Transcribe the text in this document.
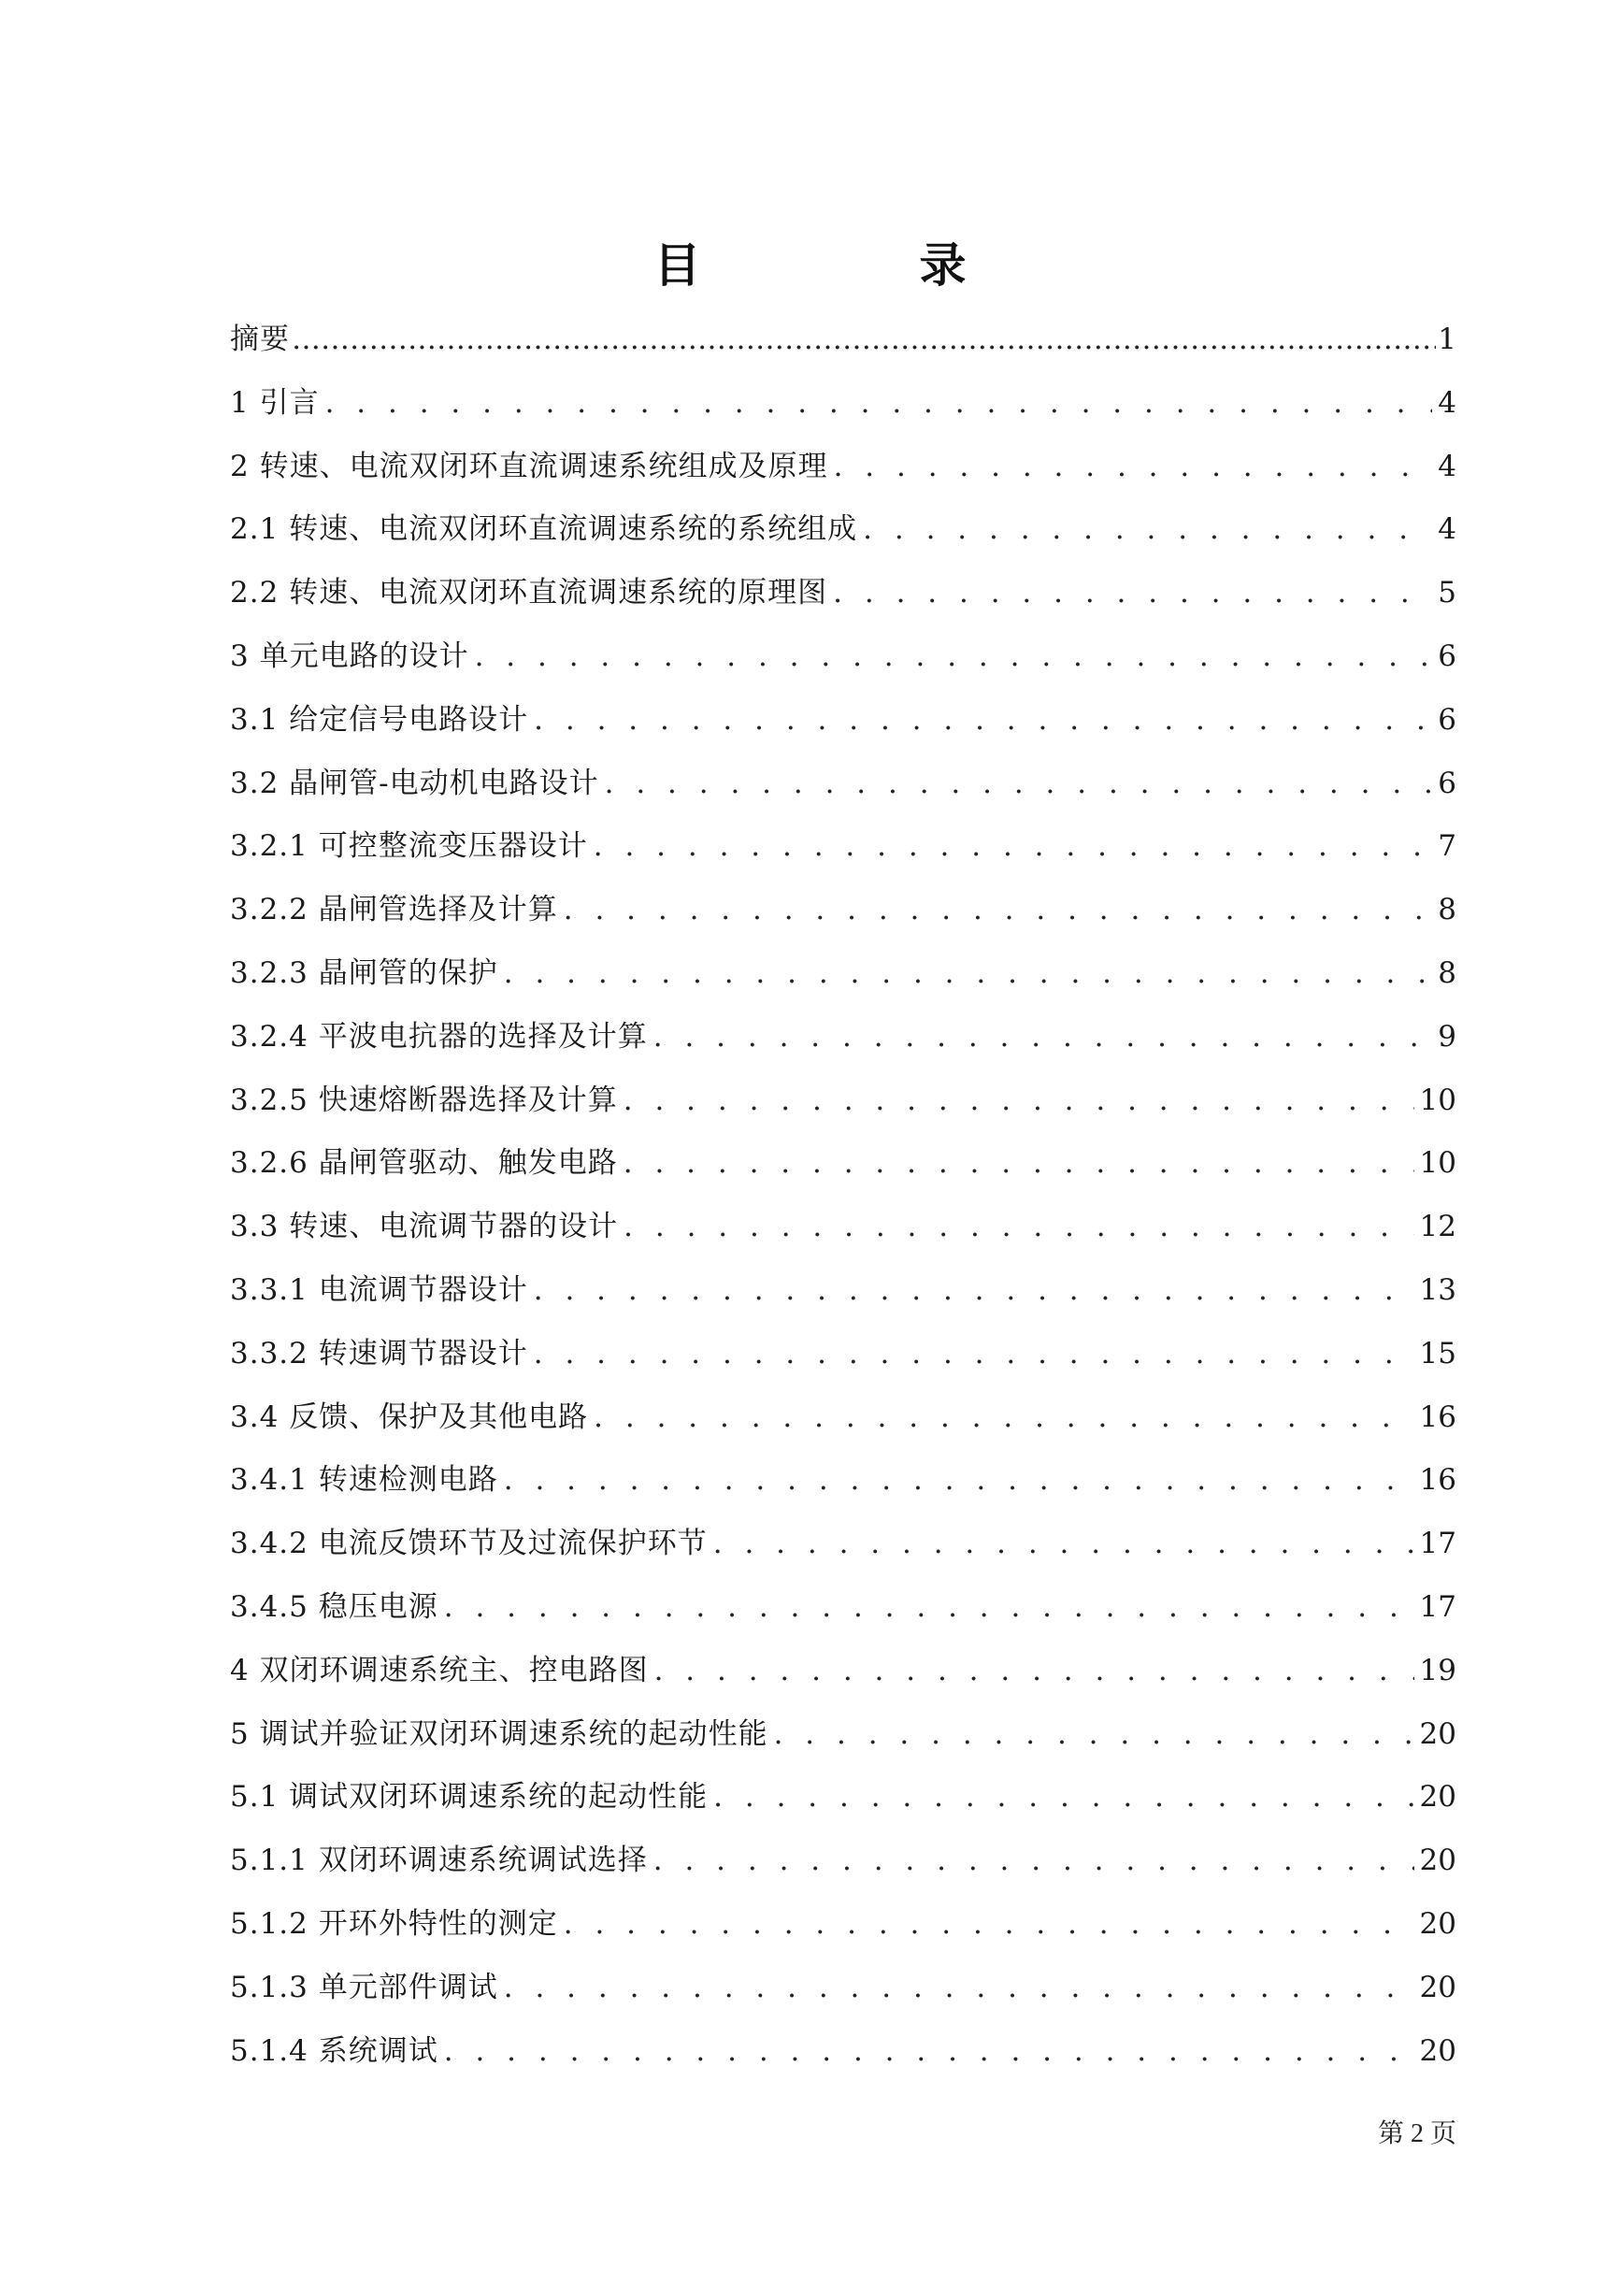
目　录
摘要 ………………………………………………………………………………………………………………………………………………………………………………………………………………………………………………………………………………	1
1 引言 . . .	4
2 转速、电流双闭环直流调速系统组成及原理 . . .	4
2.1 转速、电流双闭环直流调速系统的系统组成 . . .	4
2.2 转速、电流双闭环直流调速系统的原理图 . . .	5
3 单元电路的设计 . . .	6
3.1 给定信号电路设计 . . .	6
3.2 晶闸管-电动机电路设计 . . .	6
3.2.1 可控整流变压器设计 . . .	7
3.2.2 晶闸管选择及计算 . . .	8
3.2.3 晶闸管的保护 . . .	8
3.2.4 平波电抗器的选择及计算 . . .	9
3.2.5 快速熔断器选择及计算 . . .	10
3.2.6 晶闸管驱动、触发电路 . . .	10
3.3 转速、电流调节器的设计 . . .	12
3.3.1 电流调节器设计 . . .	13
3.3.2 转速调节器设计 . . .	15
3.4 反馈、保护及其他电路 . . .	16
3.4.1 转速检测电路 . . .	16
3.4.2 电流反馈环节及过流保护环节 . . .	17
3.4.5 稳压电源 . . .	17
4 双闭环调速系统主、控电路图 . . .	19
5 调试并验证双闭环调速系统的起动性能 . . .	20
5.1 调试双闭环调速系统的起动性能 . . .	20
5.1.1 双闭环调速系统调试选择 . . .	20
5.1.2 开环外特性的测定 . . .	20
5.1.3 单元部件调试 . . .	20
5.1.4 系统调试 . . .	20
第 2 页
